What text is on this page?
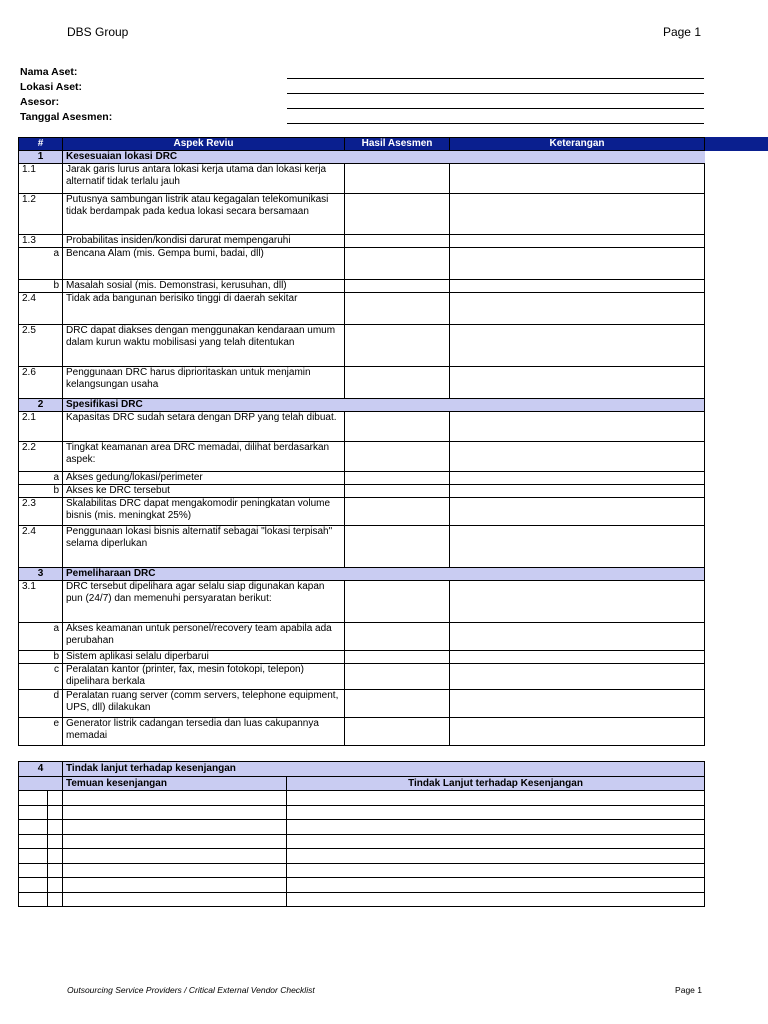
DBS Group	Page 1
Nama Aset:
Lokasi Aset:
Asesor:
Tanggal Asesmen:
#	Aspek Reviu	Hasil Asesmen	Keterangan
1	Kesesuaian lokasi DRC		
1.1	Jarak garis lurus antara lokasi kerja utama dan lokasi kerja alternatif tidak terlalu jauh		
1.2	Putusnya sambungan listrik atau kegagalan telekomunikasi tidak berdampak pada kedua lokasi secara bersamaan		
1.3	Probabilitas insiden/kondisi darurat mempengaruhi		
a	Bencana Alam (mis. Gempa bumi, badai, dll)		
b	Masalah sosial (mis. Demonstrasi, kerusuhan, dll)		
2.4	Tidak ada bangunan berisiko tinggi di daerah sekitar		
2.5	DRC dapat diakses dengan menggunakan kendaraan umum dalam kurun waktu mobilisasi yang telah ditentukan		
2.6	Penggunaan DRC harus diprioritaskan untuk menjamin kelangsungan usaha		
2	Spesifikasi DRC		
2.1	Kapasitas DRC sudah setara dengan DRP yang telah dibuat.		
2.2	Tingkat keamanan area DRC memadai, dilihat berdasarkan aspek:		
a	Akses gedung/lokasi/perimeter		
b	Akses ke DRC tersebut		
2.3	Skalabilitas DRC dapat mengakomodir peningkatan volume bisnis (mis. meningkat 25%)		
2.4	Penggunaan lokasi bisnis alternatif sebagai "lokasi terpisah" selama diperlukan		
3	Pemeliharaan DRC		
3.1	DRC tersebut dipelihara agar selalu siap digunakan kapan pun (24/7) dan memenuhi persyaratan berikut:		
a	Akses keamanan untuk personel/recovery team apabila ada perubahan		
b	Sistem aplikasi selalu diperbarui		
c	Peralatan kantor (printer, fax, mesin fotokopi, telepon) dipelihara berkala		
d	Peralatan ruang server (comm servers, telephone equipment, UPS, dll) dilakukan		
e	Generator listrik cadangan tersedia dan luas cakupannya memadai		
4		Tindak lanjut terhadap kesenjangan	
		Temuan kesenjangan	Tindak Lanjut terhadap Kesenjangan

Outsourcing Service Providers / Critical External Vendor Checklist	Page 1
